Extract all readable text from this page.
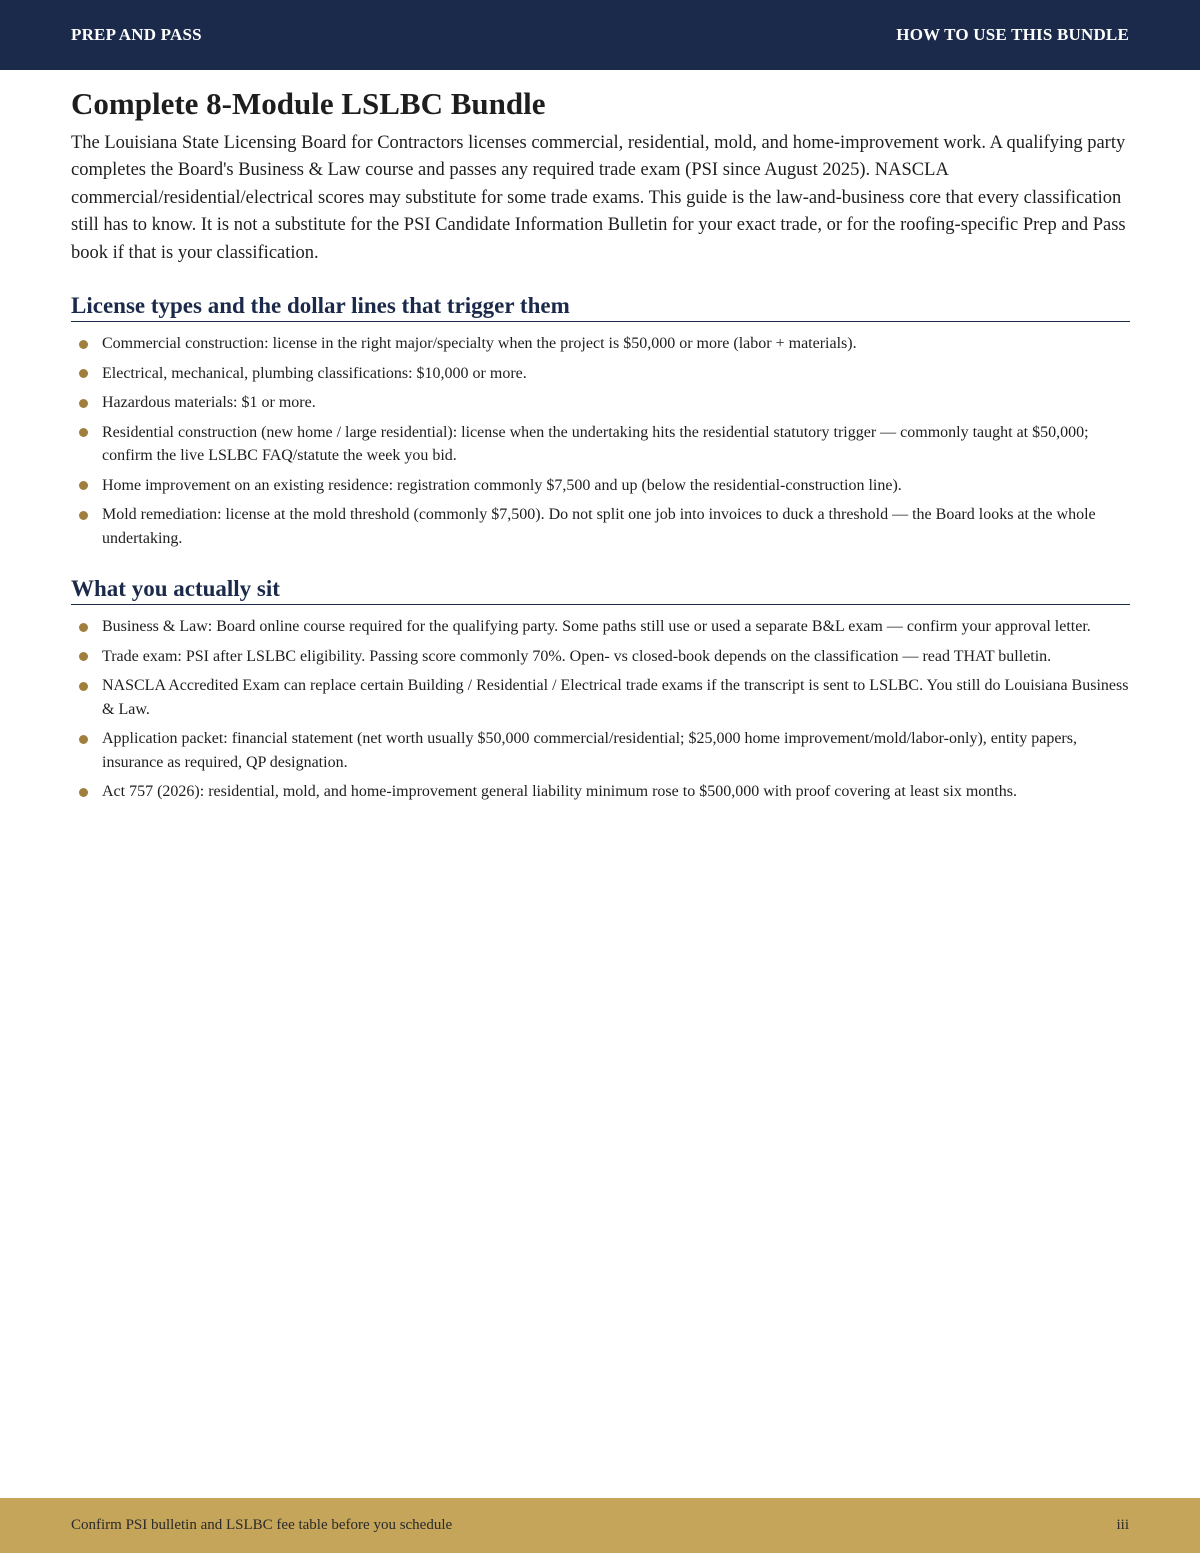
PREP AND PASS	HOW TO USE THIS BUNDLE
Complete 8-Module LSLBC Bundle

The Louisiana State Licensing Board for Contractors licenses commercial, residential, mold, and home-improvement work. A qualifying party completes the Board's Business & Law course and passes any required trade exam (PSI since August 2025). NASCLA commercial/residential/electrical scores may substitute for some trade exams. This guide is the law-and-business core that every classification still has to know. It is not a substitute for the PSI Candidate Information Bulletin for your exact trade, or for the roofing-specific Prep and Pass book if that is your classification.

License types and the dollar lines that trigger them
Commercial construction: license in the right major/specialty when the project is $50,000 or more (labor + materials).
Electrical, mechanical, plumbing classifications: $10,000 or more.
Hazardous materials: $1 or more.
Residential construction (new home / large residential): license when the undertaking hits the residential statutory trigger — commonly taught at $50,000; confirm the live LSLBC FAQ/statute the week you bid.
Home improvement on an existing residence: registration commonly $7,500 and up (below the residential-construction line).
Mold remediation: license at the mold threshold (commonly $7,500). Do not split one job into invoices to duck a threshold — the Board looks at the whole undertaking.
What you actually sit
Business & Law: Board online course required for the qualifying party. Some paths still use or used a separate B&L exam — confirm your approval letter.
Trade exam: PSI after LSLBC eligibility. Passing score commonly 70%. Open- vs closed-book depends on the classification — read THAT bulletin.
NASCLA Accredited Exam can replace certain Building / Residential / Electrical trade exams if the transcript is sent to LSLBC. You still do Louisiana Business & Law.
Application packet: financial statement (net worth usually $50,000 commercial/residential; $25,000 home improvement/mold/labor-only), entity papers, insurance as required, QP designation.
Act 757 (2026): residential, mold, and home-improvement general liability minimum rose to $500,000 with proof covering at least six months.
Confirm PSI bulletin and LSLBC fee table before you schedule	iii
